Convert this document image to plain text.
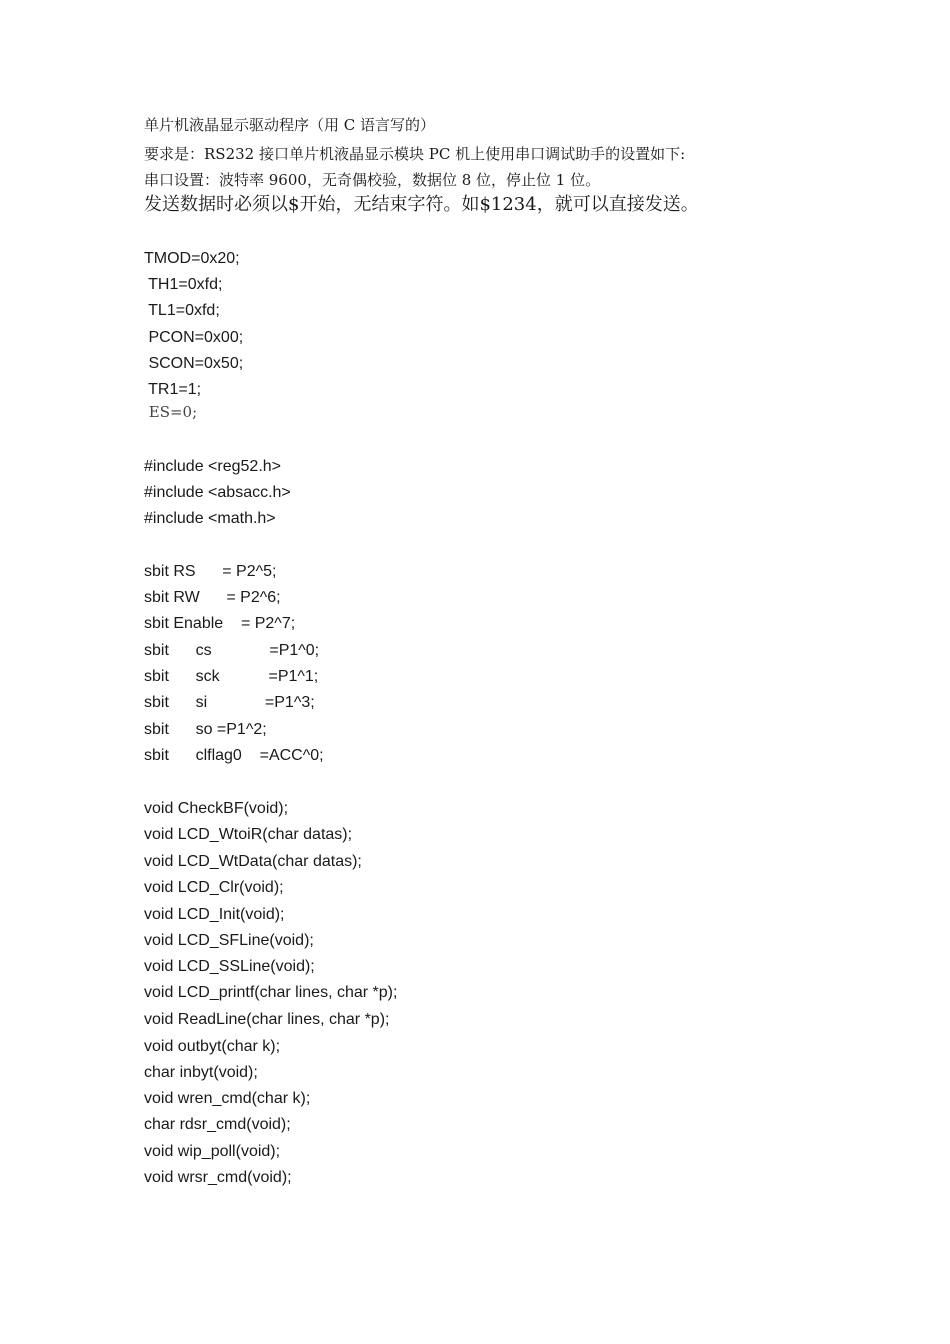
单片机液晶显示驱动程序（用 C 语言写的）
要求是：RS232 接口单片机液晶显示模块 PC 机上使用串口调试助手的设置如下:
串口设置：波特率 9600，无奇偶校验，数据位 8 位，停止位 1 位。
发送数据时必须以$开始，无结束字符。如$1234，就可以直接发送。
TMOD=0x20;
TH1=0xfd;
TL1=0xfd;
PCON=0x00;
SCON=0x50;
TR1=1;
ES=0;
#include <reg52.h>
#include <absacc.h>
#include <math.h>
sbit RS      = P2^5;
sbit RW      = P2^6;
sbit Enable    = P2^7;
sbit      cs             =P1^0;
sbit      sck           =P1^1;
sbit      si             =P1^3;
sbit      so =P1^2;
sbit      clflag0    =ACC^0;
void CheckBF(void);
void LCD_WtoiR(char datas);
void LCD_WtData(char datas);
void LCD_Clr(void);
void LCD_Init(void);
void LCD_SFLine(void);
void LCD_SSLine(void);
void LCD_printf(char lines, char *p);
void ReadLine(char lines, char *p);
void outbyt(char k);
char inbyt(void);
void wren_cmd(char k);
char rdsr_cmd(void);
void wip_poll(void);
void wrsr_cmd(void);
